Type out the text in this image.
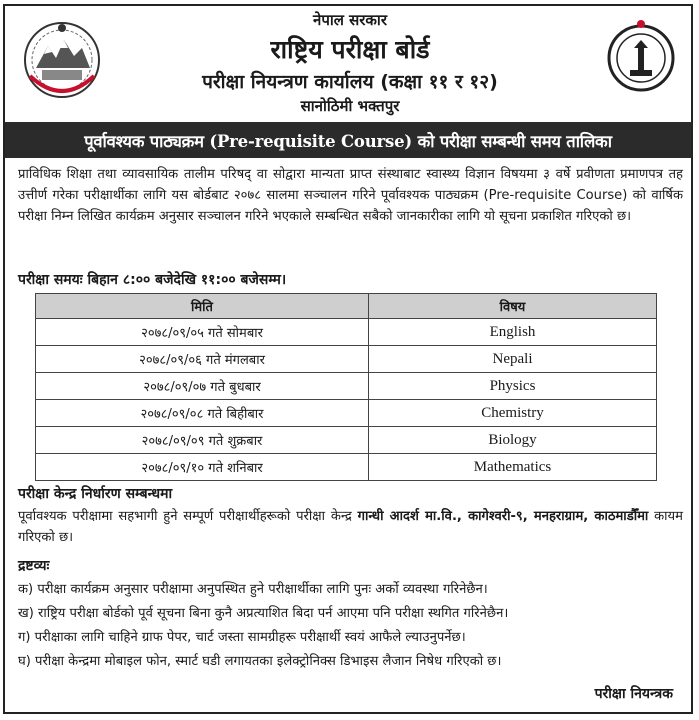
नेपाल सरकार
राष्ट्रिय परीक्षा बोर्ड
परीक्षा नियन्त्रण कार्यालय (कक्षा ११ र १२)
सानोठिमी भक्तपुर
पूर्वावश्यक पाठ्यक्रम (Pre-requisite Course) को परीक्षा सम्बन्धी समय तालिका
प्राविधिक शिक्षा तथा व्यावसायिक तालीम परिषद् वा सोद्वारा मान्यता प्राप्त संस्थाबाट स्वास्थ्य विज्ञान विषयमा ३ वर्षे प्रवीणता प्रमाणपत्र तह उत्तीर्ण गरेका परीक्षार्थीका लागि यस बोर्डबाट २०७८ सालमा सञ्चालन गरिने पूर्वावश्यक पाठ्यक्रम (Pre-requisite Course) को वार्षिक परीक्षा निम्न लिखित कार्यक्रम अनुसार सञ्चालन गरिने भएकाले सम्बन्धित सबैको जानकारीका लागि यो सूचना प्रकाशित गरिएको छ।
परीक्षा समयः बिहान ८:०० बजेदेखि ११:०० बजेसम्म।
मिति	विषय
२०७८/०९/०५ गते सोमबार	English
२०७८/०९/०६ गते मंगलबार	Nepali
२०७८/०९/०७ गते बुधबार	Physics
२०७८/०९/०८ गते बिहीबार	Chemistry
२०७८/०९/०९ गते शुक्रबार	Biology
२०७८/०९/१० गते शनिबार	Mathematics
परीक्षा केन्द्र निर्धारण सम्बन्धमा
पूर्वावश्यक परीक्षामा सहभागी हुने सम्पूर्ण परीक्षार्थीहरूको परीक्षा केन्द्र गान्धी आदर्श मा.वि., कागेश्वरी-९, मनहराग्राम, काठमाडौँमा कायम गरिएको छ।
द्रष्टव्यः
क) परीक्षा कार्यक्रम अनुसार परीक्षामा अनुपस्थित हुने परीक्षार्थीका लागि पुनः अर्को व्यवस्था गरिनेछैन।
ख) राष्ट्रिय परीक्षा बोर्डको पूर्व सूचना बिना कुनै अप्रत्याशित बिदा पर्न आएमा पनि परीक्षा स्थगित गरिनेछैन।
ग) परीक्षाका लागि चाहिने ग्राफ पेपर, चार्ट जस्ता सामग्रीहरू परीक्षार्थी स्वयं आफैले ल्याउनुपर्नेछ।
घ) परीक्षा केन्द्रमा मोबाइल फोन, स्मार्ट घडी लगायतका इलेक्ट्रोनिक्स डिभाइस लैजान निषेध गरिएको छ।
परीक्षा नियन्त्रक
